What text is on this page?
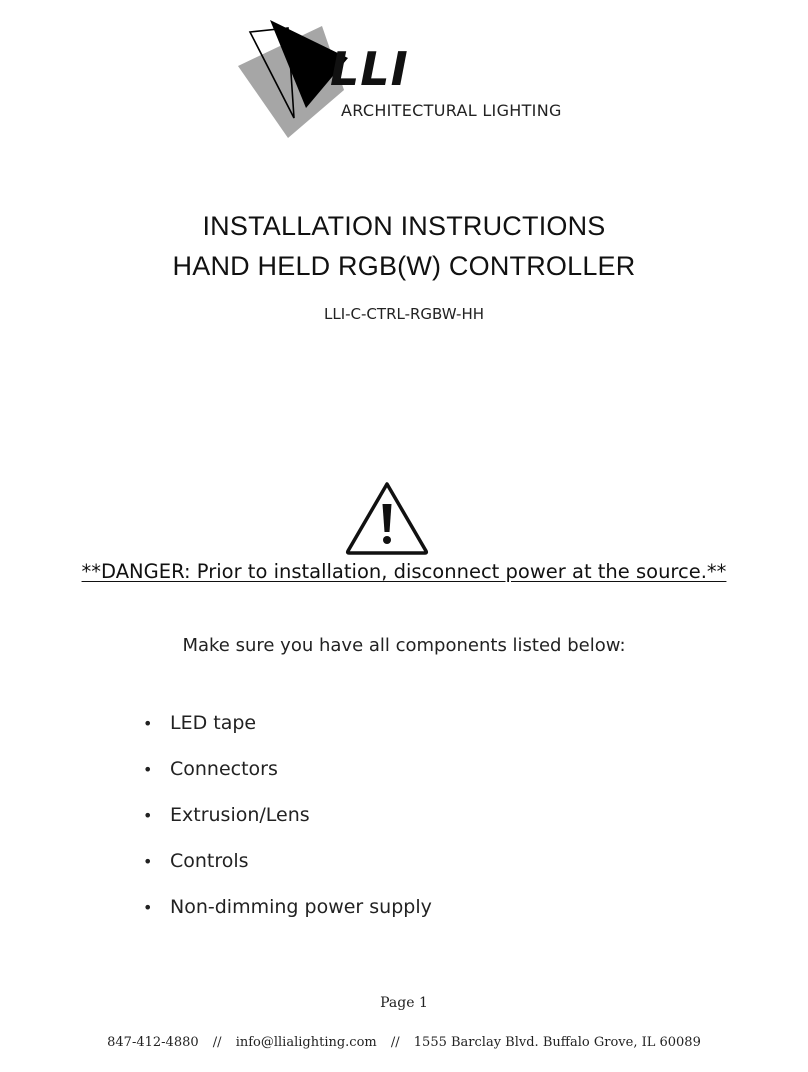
LLI
ARCHITECTURAL LIGHTING
INSTALLATION INSTRUCTIONS
HAND HELD RGB(W) CONTROLLER
LLI-C-CTRL-RGBW-HH
**DANGER: Prior to installation, disconnect power at the source.**
Make sure you have all components listed below:
• LED tape
• Connectors
• Extrusion/Lens
• Controls
• Non-dimming power supply
Page 1
847-412-4880 // info@llialighting.com // 1555 Barclay Blvd. Buffalo Grove, IL 60089
